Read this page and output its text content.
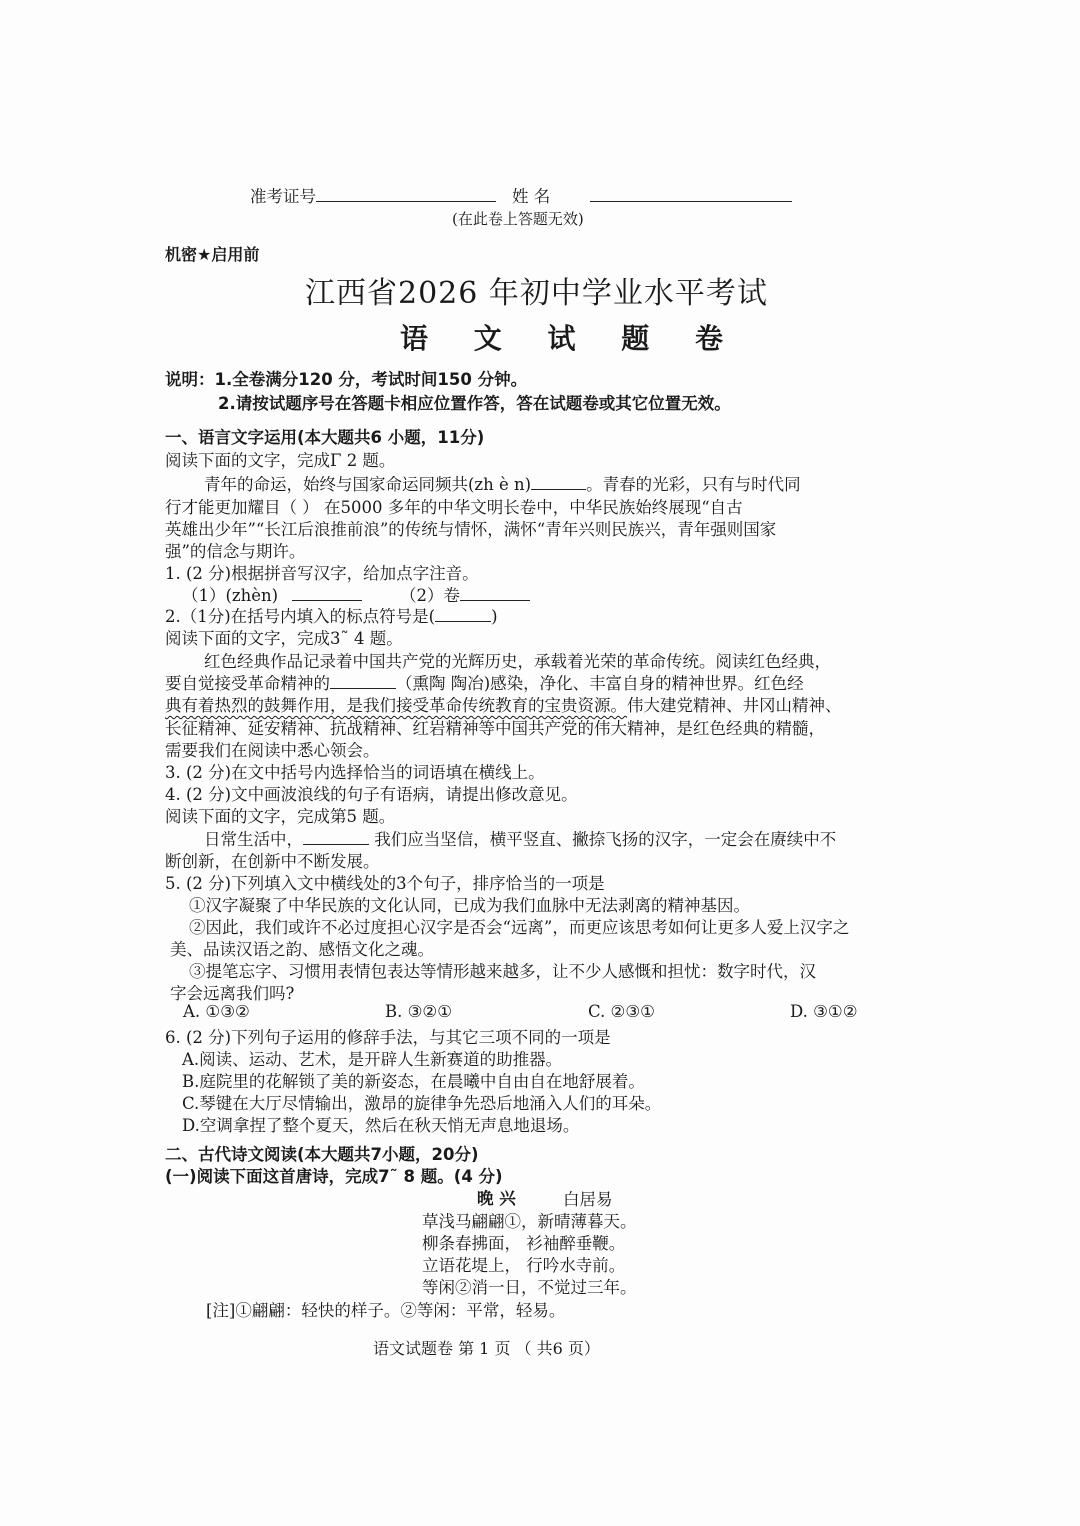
准考证号	姓 名
(在此卷上答题无效)
机密★启用前
江西省2026 年初中学业水平考试
语 文 试 题 卷
说明：1.全卷满分120 分，考试时间150 分钟。
2.请按试题序号在答题卡相应位置作答，答在试题卷或其它位置无效。
一、语言文字运用(本大题共6 小题，11分)
阅读下面的文字，完成Γ 2 题。
青年的命运，始终与国家命运同频共(zh è n)	。青春的光彩，只有与时代同
行才能更加耀目（ ） 在5000 多年的中华文明长卷中，中华民族始终展现“自古
英雄出少年”“长江后浪推前浪”的传统与情怀，满怀“青年兴则民族兴，青年强则国家
强”的信念与期许。
1. (2 分)根据拼音写汉字，给加点字注音。
（1）(zhèn)	（2）卷
2.（1分)在括号内填入的标点符号是(	)
阅读下面的文字，完成3˜ 4 题。
红色经典作品记录着中国共产党的光辉历史，承载着光荣的革命传统。阅读红色经典，
要自觉接受革命精神的	（熏陶 陶冶)感染，净化、丰富自身的精神世界。红色经
典有着热烈的鼓舞作用，是我们接受革命传统教育的宝贵资源。伟大建党精神、井冈山精神、
长征精神、延安精神、抗战精神、红岩精神等中国共产党的伟大精神，是红色经典的精髓，
需要我们在阅读中悉心领会。
3. (2 分)在文中括号内选择恰当的词语填在横线上。
4. (2 分)文中画波浪线的句子有语病，请提出修改意见。
阅读下面的文字，完成第5 题。
日常生活中，	我们应当坚信，横平竖直、撇捺飞扬的汉字，一定会在赓续中不
断创新，在创新中不断发展。
5. (2 分)下列填入文中横线处的3个句子，排序恰当的一项是
①汉字凝聚了中华民族的文化认同，已成为我们血脉中无法剥离的精神基因。
②因此，我们或许不必过度担心汉字是否会“远离”，而更应该思考如何让更多人爱上汉字之
美、品读汉语之韵、感悟文化之魂。
③提笔忘字、习惯用表情包表达等情形越来越多，让不少人感慨和担忧：数字时代，汉
字会远离我们吗?
A. ①③②	B. ③②①	C. ②③①	D. ③①②
6. (2 分)下列句子运用的修辞手法，与其它三项不同的一项是
A.阅读、运动、艺术，是开辟人生新赛道的助推器。
B.庭院里的花解锁了美的新姿态，在晨曦中自由自在地舒展着。
C.琴键在大厅尽情输出，激昂的旋律争先恐后地涌入人们的耳朵。
D.空调拿捏了整个夏天，然后在秋天悄无声息地退场。
二、古代诗文阅读(本大题共7小题，20分)
(一)阅读下面这首唐诗，完成7˜ 8 题。(4 分)
晚 兴	白居易
草浅马翩翩①，新晴薄暮天。
柳条春拂面， 衫袖醉垂鞭。
立语花堤上， 行吟水寺前。
等闲②消一日，不觉过三年。
[注]①翩翩：轻快的样子。②等闲：平常，轻易。
语文试题卷 第 1 页 （ 共6 页）
